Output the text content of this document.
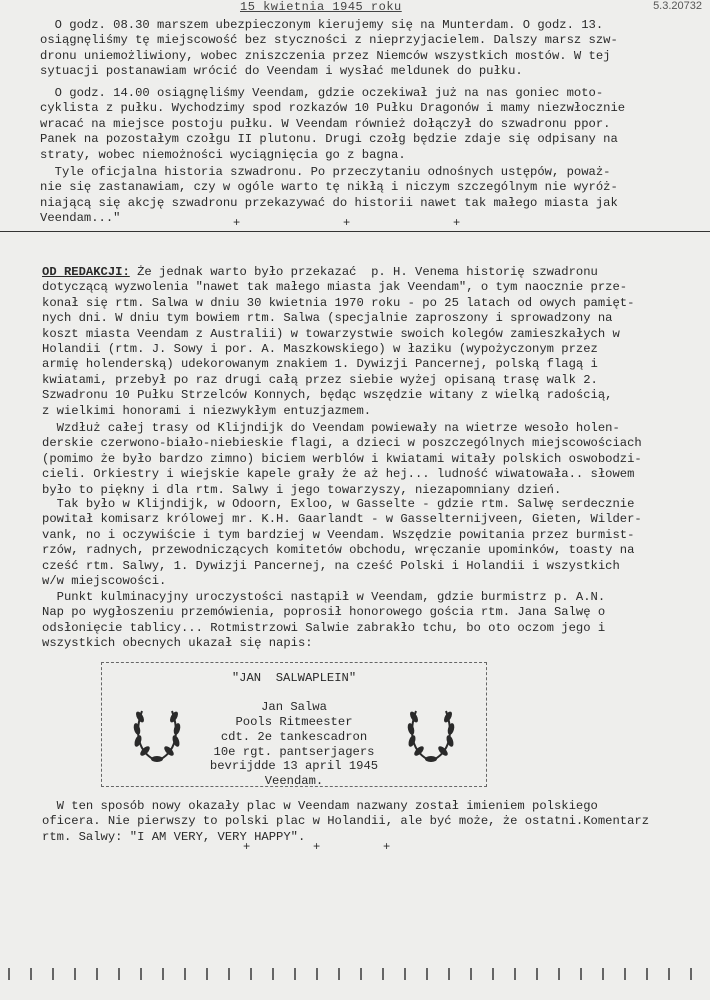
15 kwietnia 1945 roku	5.3.20732
O godz. 08.30 marszem ubezpieczonym kierujemy się na Munterdam. O godz. 13.
osiągnęliśmy tę miejscowość bez styczności z nieprzyjacielem. Dalszy marsz szw-
dronu uniemożliwiony, wobec zniszczenia przez Niemców wszystkich mostów. W tej
sytuacji postanawiam wrócić do Veendam i wysłać meldunek do pułku.
O godz. 14.00 osiągnęliśmy Veendam, gdzie oczekiwał już na nas goniec moto-
cyklista z pułku. Wychodzimy spod rozkazów 10 Pułku Dragonów i mamy niezwłocznie
wracać na miejsce postoju pułku. W Veendam również dołączył do szwadronu ppor.
Panek na pozostałym czołgu II plutonu. Drugi czołg będzie zdaje się odpisany na
straty, wobec niemożności wyciągnięcia go z bagna.
Tyle oficjalna historia szwadronu. Po przeczytaniu odnośnych ustępów, poważ-
nie się zastanawiam, czy w ogóle warto tę nikłą i niczym szczególnym nie wyróż-
niającą się akcję szwadronu przekazywać do historii nawet tak małego miasta jak
Veendam..."	+	+	+
OD REDAKCJI: Że jednak warto było przekazać  p. H. Venema historię szwadronu
dotyczącą wyzwolenia "nawet tak małego miasta jak Veendam", o tym naocznie prze-
konał się rtm. Salwa w dniu 30 kwietnia 1970 roku - po 25 latach od owych pamięt-
nych dni. W dniu tym bowiem rtm. Salwa (specjalnie zaproszony i sprowadzony na
koszt miasta Veendam z Australii) w towarzystwie swoich kolegów zamieszkałych w
Holandii (rtm. J. Sowy i por. A. Maszkowskiego) w łaziku (wypożyczonym przez
armię holenderską) udekorowanym znakiem 1. Dywizji Pancernej, polską flagą i
kwiatami, przebył po raz drugi całą przez siebie wyżej opisaną trasę walk 2.
Szwadronu 10 Pułku Strzelców Konnych, będąc wszędzie witany z wielką radością,
z wielkimi honorami i niezwykłym entuzjazmem.
Wzdłuż całej trasy od Klijndijk do Veendam powiewały na wietrze wesoło holen-
derskie czerwono-biało-niebieskie flagi, a dzieci w poszczególnych miejscowościach
(pomimo że było bardzo zimno) biciem werblów i kwiatami witały polskich oswobodzi-
cieli. Orkiestry i wiejskie kapele grały że aż hej... ludność wiwatowała.. słowem
było to piękny i dla rtm. Salwy i jego towarzyszy, niezapomniany dzień.
Tak było w Klijndijk, w Odoorn, Exloo, w Gasselte - gdzie rtm. Salwę serdecznie
powitał komisarz królowej mr. K.H. Gaarlandt - w Gasselternijveen, Gieten, Wilder-
vank, no i oczywiście i tym bardziej w Veendam. Wszędzie powitania przez burmist-
rzów, radnych, przewodniczących komitetów obchodu, wręczanie upominków, toasty na
cześć rtm. Salwy, 1. Dywizji Pancernej, na cześć Polski i Holandii i wszystkich
w/w miejscowości.
Punkt kulminacyjny uroczystości nastąpił w Veendam, gdzie burmistrz p. A.N.
Nap po wygłoszeniu przemówienia, poprosił honorowego gościa rtm. Jana Salwę o
odsłonięcie tablicy... Rotmistrzowi Salwie zabrakło tchu, bo oto oczom jego i
wszystkich obecnych ukazał się napis:
"JAN  SALWAPLEIN"

Jan Salwa
Pools Ritmeester
cdt. 2e tankescadron
10e rgt. pantserjagers
bevrijdde 13 april 1945
Veendam.
W ten sposób nowy okazały plac w Veendam nazwany został imieniem polskiego
oficera. Nie pierwszy to polski plac w Holandii, ale być może, że ostatni.Komentarz
rtm. Salwy: "I AM VERY, VERY HAPPY".
+	+	+
